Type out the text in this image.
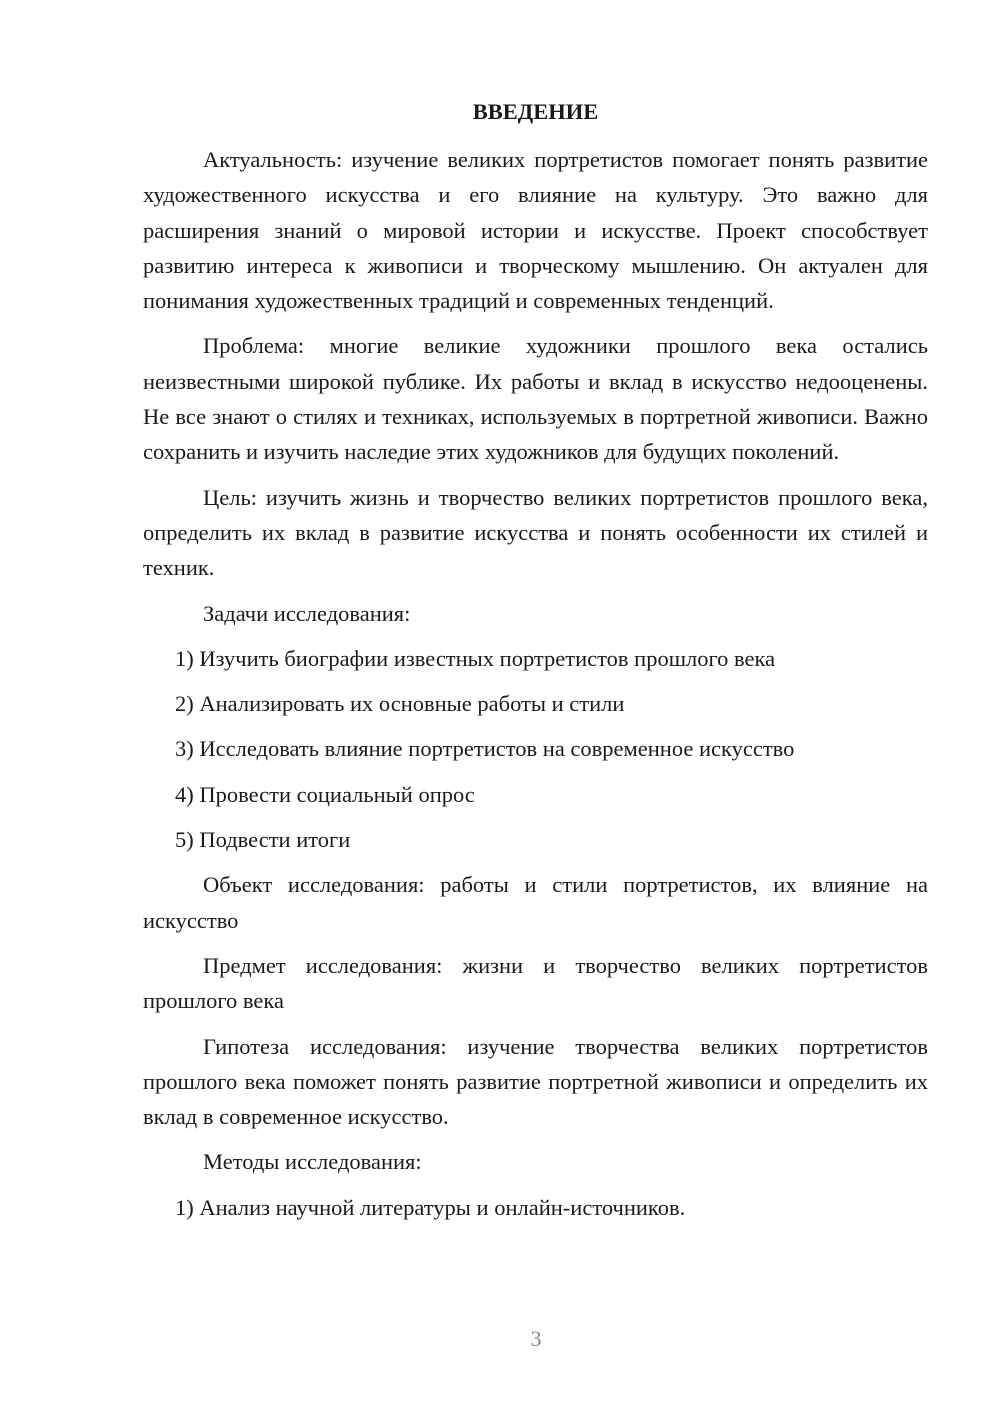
ВВЕДЕНИЕ

Актуальность: изучение великих портретистов помогает понять развитие художественного искусства и его влияние на культуру. Это важно для расширения знаний о мировой истории и искусстве. Проект способствует развитию интереса к живописи и творческому мышлению. Он актуален для понимания художественных традиций и современных тенденций.

Проблема: многие великие художники прошлого века остались неизвестными широкой публике. Их работы и вклад в искусство недооценены. Не все знают о стилях и техниках, используемых в портретной живописи. Важно сохранить и изучить наследие этих художников для будущих поколений.

Цель: изучить жизнь и творчество великих портретистов прошлого века, определить их вклад в развитие искусства и понять особенности их стилей и техник.

Задачи исследования:

1) Изучить биографии известных портретистов прошлого века
2) Анализировать их основные работы и стили
3) Исследовать влияние портретистов на современное искусство
4) Провести социальный опрос
5) Подвести итоги

Объект исследования: работы и стили портретистов, их влияние на искусство

Предмет исследования: жизни и творчество великих портретистов прошлого века

Гипотеза исследования: изучение творчества великих портретистов прошлого века поможет понять развитие портретной живописи и определить их вклад в современное искусство.

Методы исследования:

1) Анализ научной литературы и онлайн-источников.
3
